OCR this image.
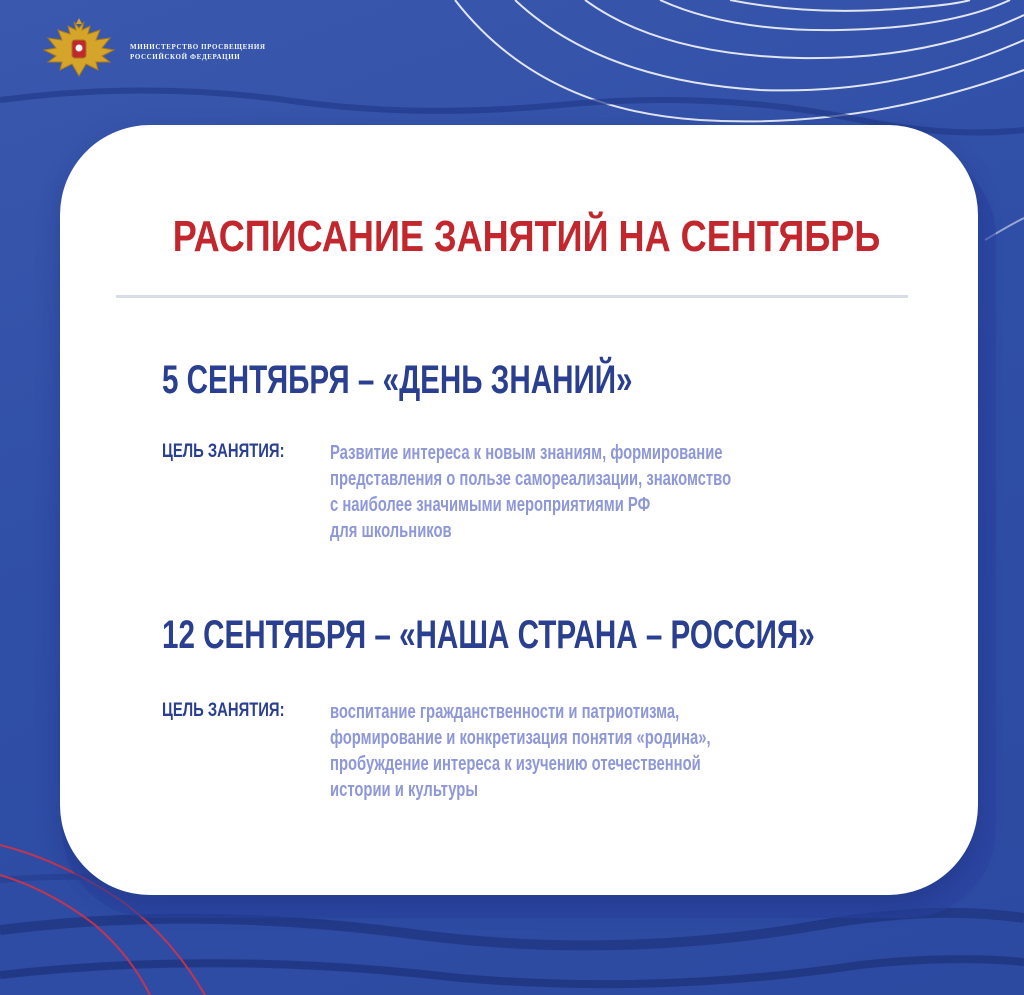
МИНИСТЕРСТВО ПРОСВЕЩЕНИЯ
РОССИЙСКОЙ ФЕДЕРАЦИИ
РАСПИСАНИЕ ЗАНЯТИЙ НА СЕНТЯБРЬ
5 СЕНТЯБРЯ – «ДЕНЬ ЗНАНИЙ»
ЦЕЛЬ ЗАНЯТИЯ:	Развитие интереса к новым знаниям, формирование
представления о пользе самореализации, знакомство
с наиболее значимыми мероприятиями РФ
для школьников
12 СЕНТЯБРЯ – «НАША СТРАНА – РОССИЯ»
ЦЕЛЬ ЗАНЯТИЯ:	воспитание гражданственности и патриотизма,
формирование и конкретизация понятия «родина»,
пробуждение интереса к изучению отечественной
истории и культуры
